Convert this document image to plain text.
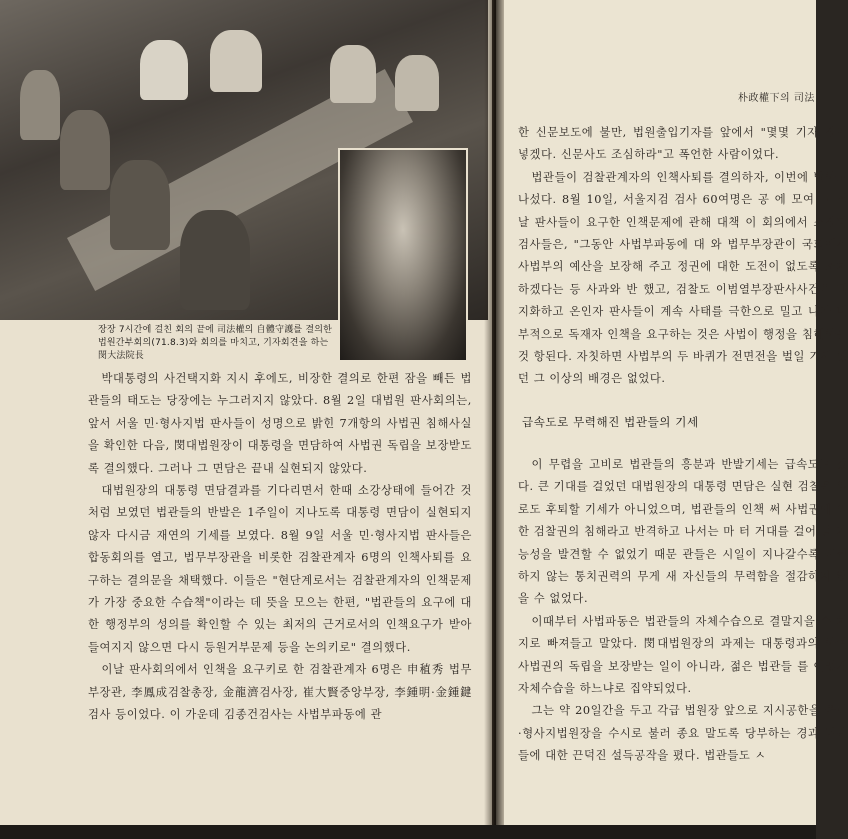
장장 7시간에 걸친 회의 끝에 司法權의 自體守護를 결의한 법원간부회의(71.8.3)와 회의를 마치고, 기자회견을 하는 閔大法院長

박대통령의 사건택지화 지시 후에도, 비장한 결의로 한편 잠을 빼든 법관들의 태도는 당장에는 누그러지지 않았다. 8월 2일 대법원 판사회의는, 앞서 서울 민·형사지법 판사들이 성명으로 밝힌 7개항의 사법권 침해사실을 확인한 다음, 閔대법원장이 대통령을 면담하여 사법권 독립을 보장받도록 결의했다. 그러나 그 면담은 끝내 실현되지 않았다.

대법원장의 대통령 면담결과를 기다리면서 한때 소강상태에 들어간 것처럼 보였던 법관들의 반발은 1주일이 지나도록 대통령 면담이 실현되지 않자 다시금 재연의 기세를 보였다. 8월 9일 서울 민·형사지법 판사들은 합동회의를 열고, 법무부장관을 비롯한 검찰관계자 6명의 인책사퇴를 요구하는 결의문을 채택했다. 이들은 "현단계로서는 검찰관계자의 인책문제가 가장 중요한 수습책"이라는 데 뜻을 모으는 한편, "법관들의 요구에 대한 행정부의 성의를 확인할 수 있는 최저의 근거로서의 인책요구가 받아 들여지지 않으면 다시 등원거부문제 등을 논의키로" 결의했다.

이날 판사회의에서 인책을 요구키로 한 검찰관계자 6명은 申稙秀 법무부장관, 李鳳成검찰총장, 金龍濟검사장, 崔大賢중앙부장, 李鍾明·金鍾鍵검사 등이었다. 이 가운데 김종건검사는 사법부파동에 관

한 신문보도에 불만, 법원출입기자를 앞에서 "몇몇 기자 장아 넣겠다. 신문사도 조심하라"고 폭언한 사람이었다.

법관들이 검찰관계자의 인책사퇴를 결의하자, 이번에 발하고 나섰다. 8월 10일, 서울지검 검사 60여명은 공 에 모여 그 전날 판사들이 요구한 인책문제에 관해 대책 이 회의에서 소장파 검사들은, "그동안 사법부파동에 대 와 법무부장관이 국회에서 사법부의 예산을 보장해 주고 정권에 대한 도전이 없도록 조처하겠다는 등 사과와 반 했고, 검찰도 이범열부장판사사건을 백지화하고 온인자 판사들이 계속 사태를 극한으로 밀고 나가 내부적으로 독재자 인책을 요구하는 것은 사법이 행정을 침해하는 것 항된다. 자칫하면 사법부의 두 바퀴가 전면전을 벌일 기세 했던 그 이상의 배경은 없었다.

이 무렵을 고비로 법관들의 흥분과 반발기세는 급속도로 갔다. 큰 기대를 걸었던 대법원장의 대통령 면담은 실현 검찰은 일로도 후퇴할 기세가 아니었으며, 법관들의 인책 써 사법권에 의한 검찰권의 침해라고 반격하고 나서는 마 터 거대를 걸어 볼 가능성을 발견할 수 없었기 때문 관들은 시일이 지나갈수록 꿈쩍하지 않는 통치권력의 무게 새 자신들의 무력함을 절감하지 않을 수 없었다.

이때부터 사법파동은 법관들의 자체수습으로 결말지을 수 처지로 빠져들고 말았다. 閔대법원장의 과제는 대통령과의 하여 사법권의 독립을 보장받는 일이 아니라, 젊은 법관들 를 어떻게 자체수습을 하느냐로 집약되었다.

그는 약 20일간을 두고 각급 법원장 앞으로 지시공한을 울민·형사지법원장을 수시로 불러 종요 말도록 당부하는 경과 법관들에 대한 끈덕진 설득공작을 폈다. 법관들도 ㅅ

朴政權下의 司法
급속도로 무력해진 법관들의 기세
